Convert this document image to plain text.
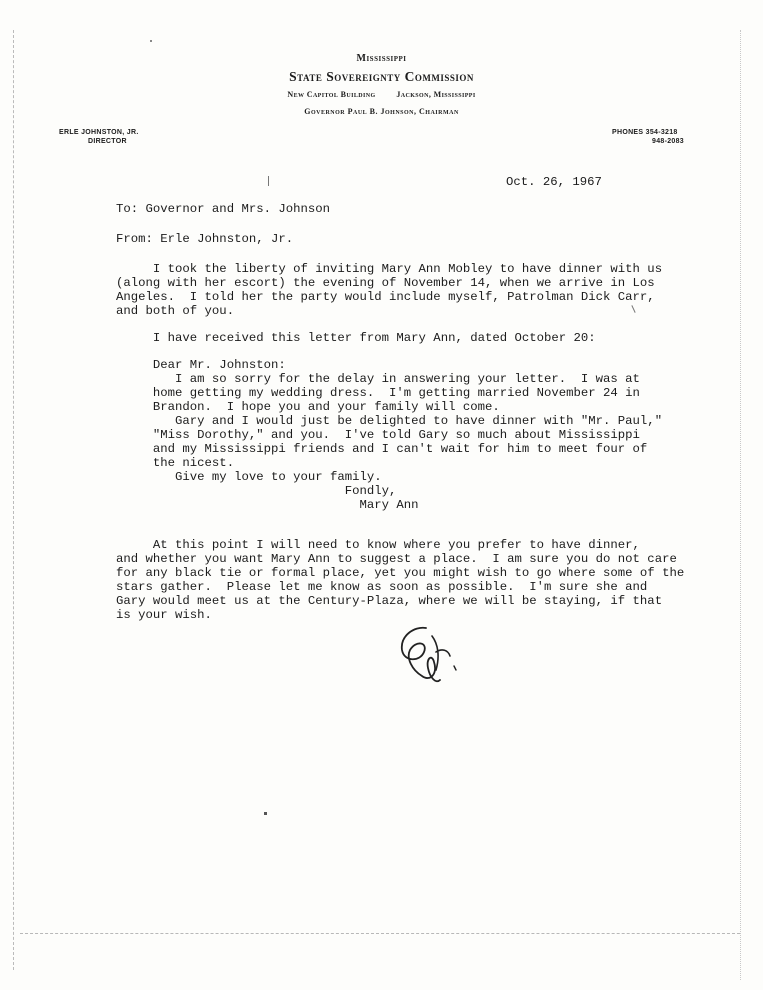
Mississippi
State Sovereignty Commission
New Capitol Building	Jackson, Mississippi
Governor Paul B. Johnson, Chairman
ERLE JOHNSTON, JR.
DIRECTOR
PHONES 354-3218
948-2083
Oct. 26, 1967
To: Governor and Mrs. Johnson
From: Erle Johnston, Jr.
I took the liberty of inviting Mary Ann Mobley to have dinner with us
(along with her escort) the evening of November 14, when we arrive in Los
Angeles.  I told her the party would include myself, Patrolman Dick Carr,
and both of you.
I have received this letter from Mary Ann, dated October 20:
Dear Mr. Johnston:
I am so sorry for the delay in answering your letter.  I was at
home getting my wedding dress.  I'm getting married November 24 in
Brandon.  I hope you and your family will come.
Gary and I would just be delighted to have dinner with "Mr. Paul,"
"Miss Dorothy," and you.  I've told Gary so much about Mississippi
and my Mississippi friends and I can't wait for him to meet four of
the nicest.
Give my love to your family.
Fondly,
Mary Ann
At this point I will need to know where you prefer to have dinner,
and whether you want Mary Ann to suggest a place.  I am sure you do not care
for any black tie or formal place, yet you might wish to go where some of the
stars gather.  Please let me know as soon as possible.  I'm sure she and
Gary would meet us at the Century-Plaza, where we will be staying, if that
is your wish.
